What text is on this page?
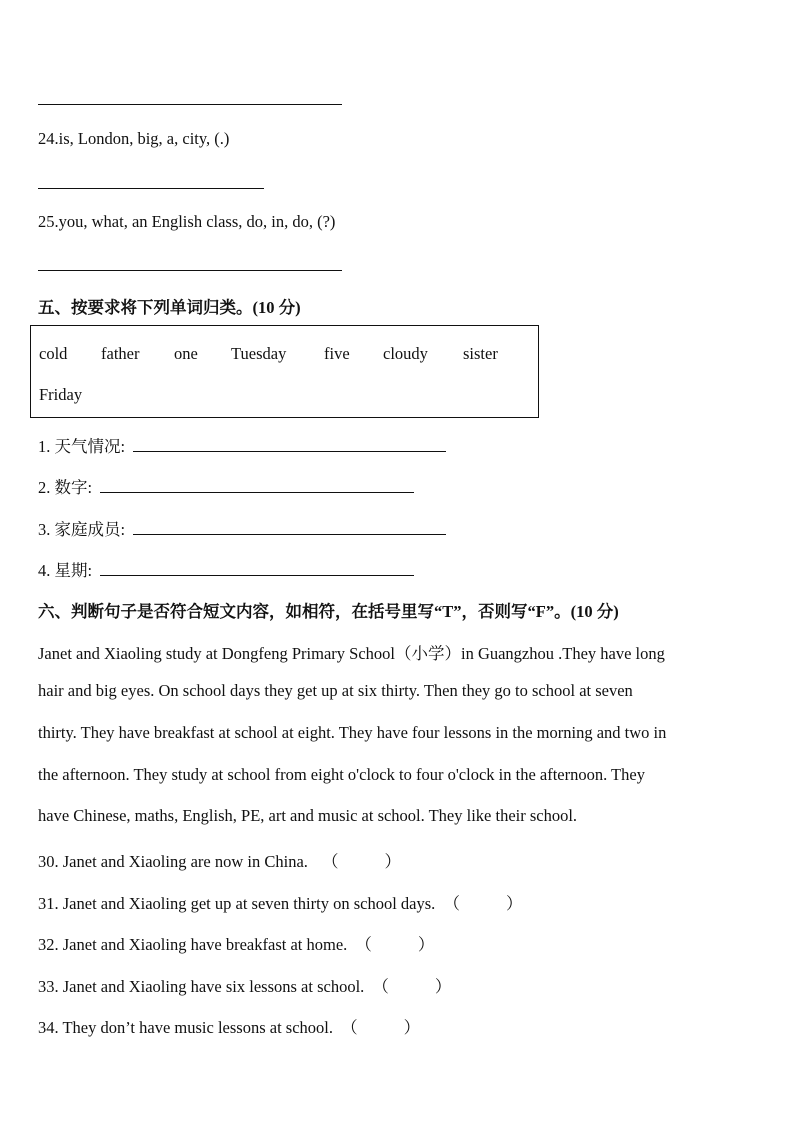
24.is, London, big, a, city, (.)
25.you, what, an English class, do, in, do, (?)
五、按要求将下列单词归类。(10 分)
cold father one Tuesday five cloudy sister
Friday
1. 天气情况:
2. 数字:
3. 家庭成员:
4. 星期:
六、判断句子是否符合短文内容，如相符，在括号里写“T”，否则写“F”。(10 分)
Janet and Xiaoling study at Dongfeng Primary School（小学）in Guangzhou .They have long
hair and big eyes. On school days they get up at six thirty. Then they go to school at seven
thirty. They have breakfast at school at eight. They have four lessons in the morning and two in
the afternoon. They study at school from eight o'clock to four o'clock in the afternoon. They
have Chinese, maths, English, PE, art and music at school. They like their school.
30. Janet and Xiaoling are now in China. （	）
31. Janet and Xiaoling get up at seven thirty on school days. （	）
32. Janet and Xiaoling have breakfast at home. （	）
33. Janet and Xiaoling have six lessons at school. （	）
34. They don’t have music lessons at school. （	）
